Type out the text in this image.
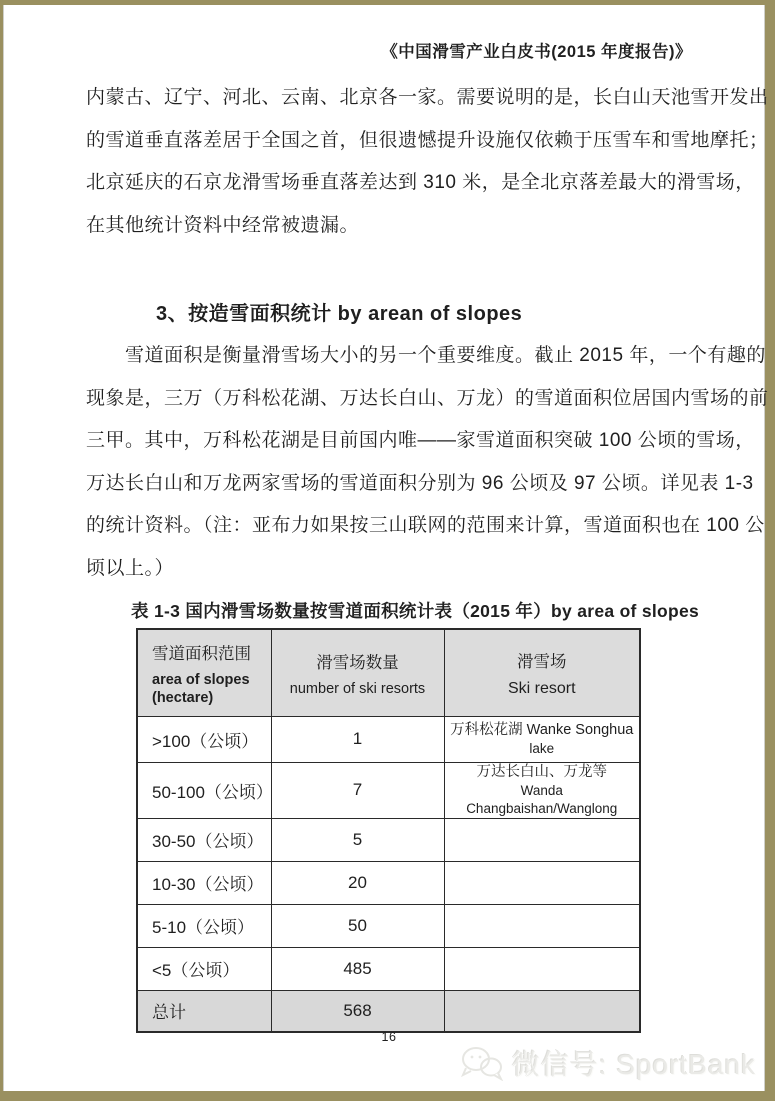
《中国滑雪产业白皮书(2015 年度报告)》
内蒙古、辽宁、河北、云南、北京各一家。需要说明的是，长白山天池雪开发出
的雪道垂直落差居于全国之首，但很遗憾提升设施仅依赖于压雪车和雪地摩托；
北京延庆的石京龙滑雪场垂直落差达到 310 米，是全北京落差最大的滑雪场，
在其他统计资料中经常被遗漏。
3、按造雪面积统计 by arean of slopes
雪道面积是衡量滑雪场大小的另一个重要维度。截止 2015 年，一个有趣的
现象是，三万（万科松花湖、万达长白山、万龙）的雪道面积位居国内雪场的前
三甲。其中，万科松花湖是目前国内唯——家雪道面积突破 100 公顷的雪场，
万达长白山和万龙两家雪场的雪道面积分别为 96 公顷及 97 公顷。详见表 1-3
的统计资料。（注：亚布力如果按三山联网的范围来计算，雪道面积也在 100 公
顷以上。）
表 1-3 国内滑雪场数量按雪道面积统计表（2015 年）by area of slopes
雪道面积范围
area of slopes
(hectare)	滑雪场数量
number of ski resorts	滑雪场
Ski resort

>100（公顷）	1	万科松花湖 Wanke Songhua
lake

50-100（公顷）	7	万达长白山、万龙等
Wanda Changbaishan/Wanglong

30-50（公顷）	5	
10-30（公顷）	20	
5-10（公顷）	50	
<5（公顷）	485	
总计	568	
16
微信号: SportBank
